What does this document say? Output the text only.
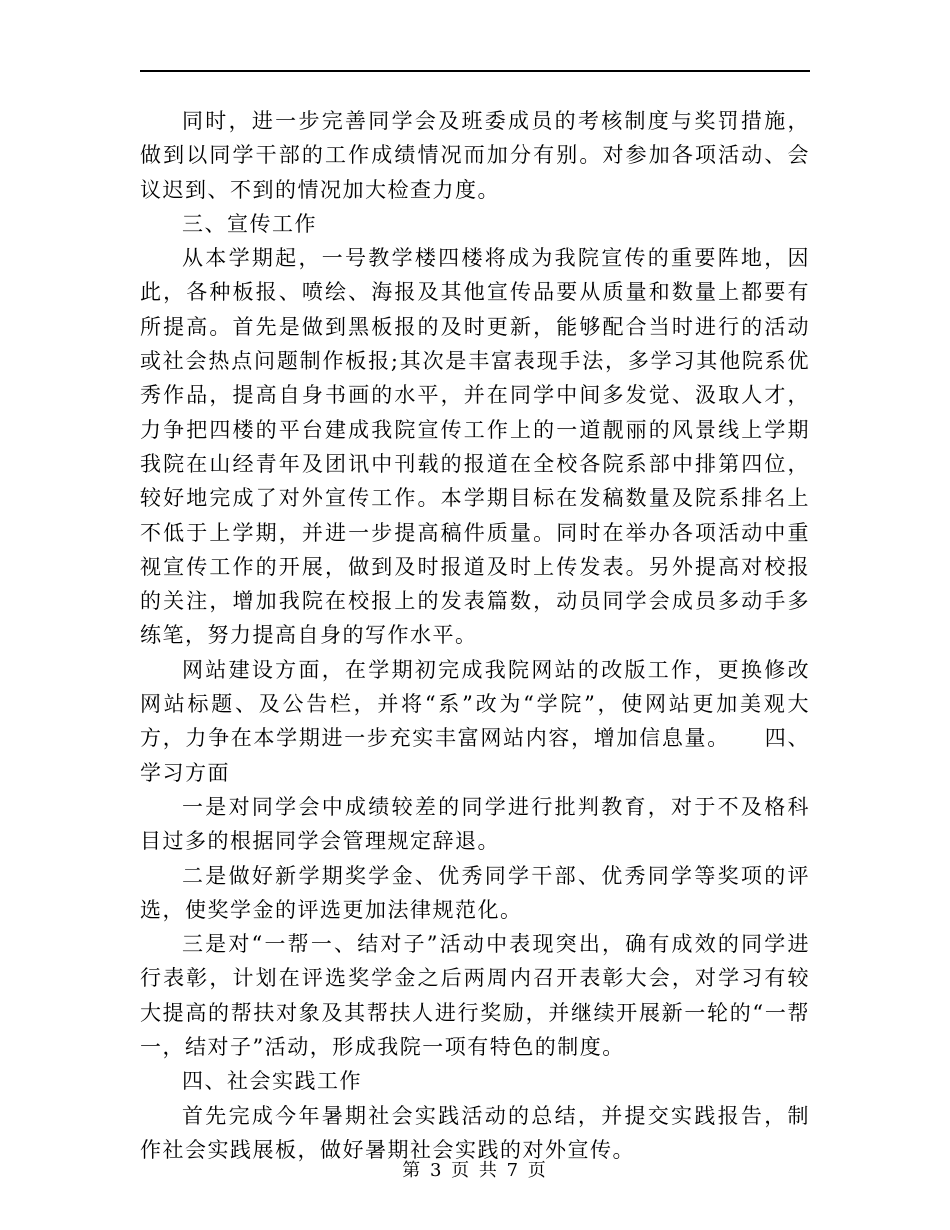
同时，进一步完善同学会及班委成员的考核制度与奖罚措施，做到以同学干部的工作成绩情况而加分有别。对参加各项活动、会议迟到、不到的情况加大检查力度。

三、宣传工作

从本学期起，一号教学楼四楼将成为我院宣传的重要阵地，因此，各种板报、喷绘、海报及其他宣传品要从质量和数量上都要有所提高。首先是做到黑板报的及时更新，能够配合当时进行的活动或社会热点问题制作板报;其次是丰富表现手法，多学习其他院系优秀作品，提高自身书画的水平，并在同学中间多发觉、汲取人才，力争把四楼的平台建成我院宣传工作上的一道靓丽的风景线上学期我院在山经青年及团讯中刊载的报道在全校各院系部中排第四位，较好地完成了对外宣传工作。本学期目标在发稿数量及院系排名上不低于上学期，并进一步提高稿件质量。同时在举办各项活动中重视宣传工作的开展，做到及时报道及时上传发表。另外提高对校报的关注，增加我院在校报上的发表篇数，动员同学会成员多动手多练笔，努力提高自身的写作水平。

网站建设方面，在学期初完成我院网站的改版工作，更换修改网站标题、及公告栏，并将“系”改为“学院”，使网站更加美观大方，力争在本学期进一步充实丰富网站内容，增加信息量。　　四、学习方面

一是对同学会中成绩较差的同学进行批判教育，对于不及格科目过多的根据同学会管理规定辞退。

二是做好新学期奖学金、优秀同学干部、优秀同学等奖项的评选，使奖学金的评选更加法律规范化。

三是对“一帮一、结对子”活动中表现突出，确有成效的同学进行表彰，计划在评选奖学金之后两周内召开表彰大会，对学习有较大提高的帮扶对象及其帮扶人进行奖励，并继续开展新一轮的“一帮一，结对子”活动，形成我院一项有特色的制度。

四、社会实践工作

首先完成今年暑期社会实践活动的总结，并提交实践报告，制作社会实践展板，做好暑期社会实践的对外宣传。

第 3 页 共 7 页
